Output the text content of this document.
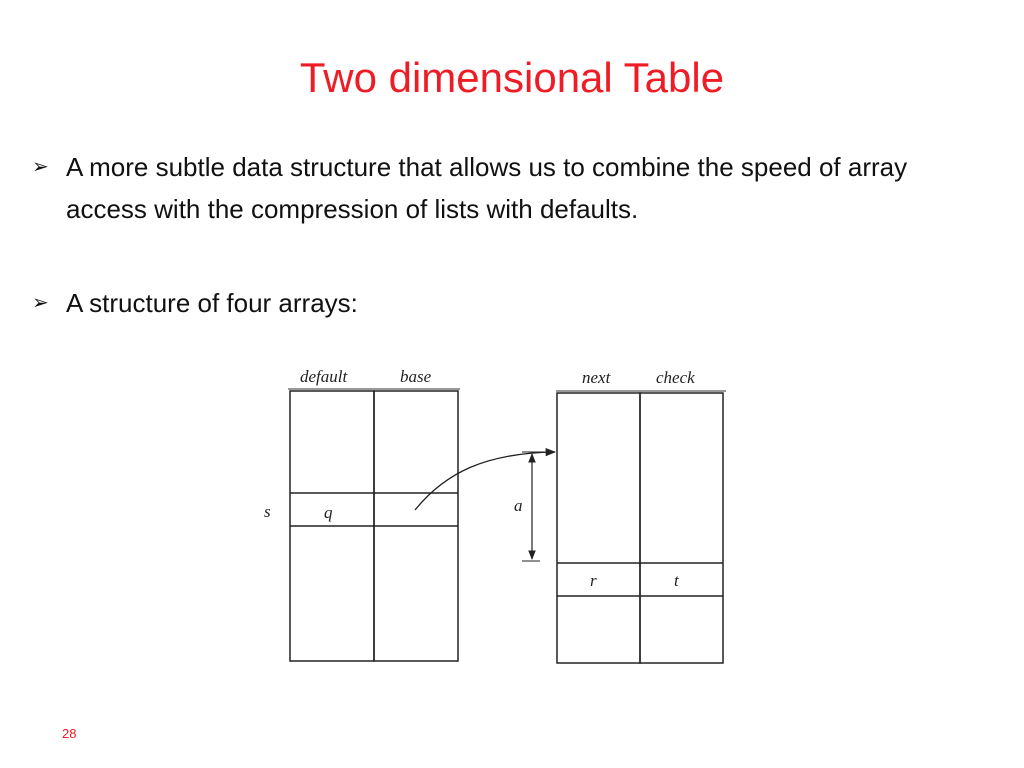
Two dimensional Table
➢ A more subtle data structure that allows us to combine the speed of array access with the compression of lists with defaults.
➢ A structure of four arrays:
default	base
s	q	a
next	check
r	t
28
